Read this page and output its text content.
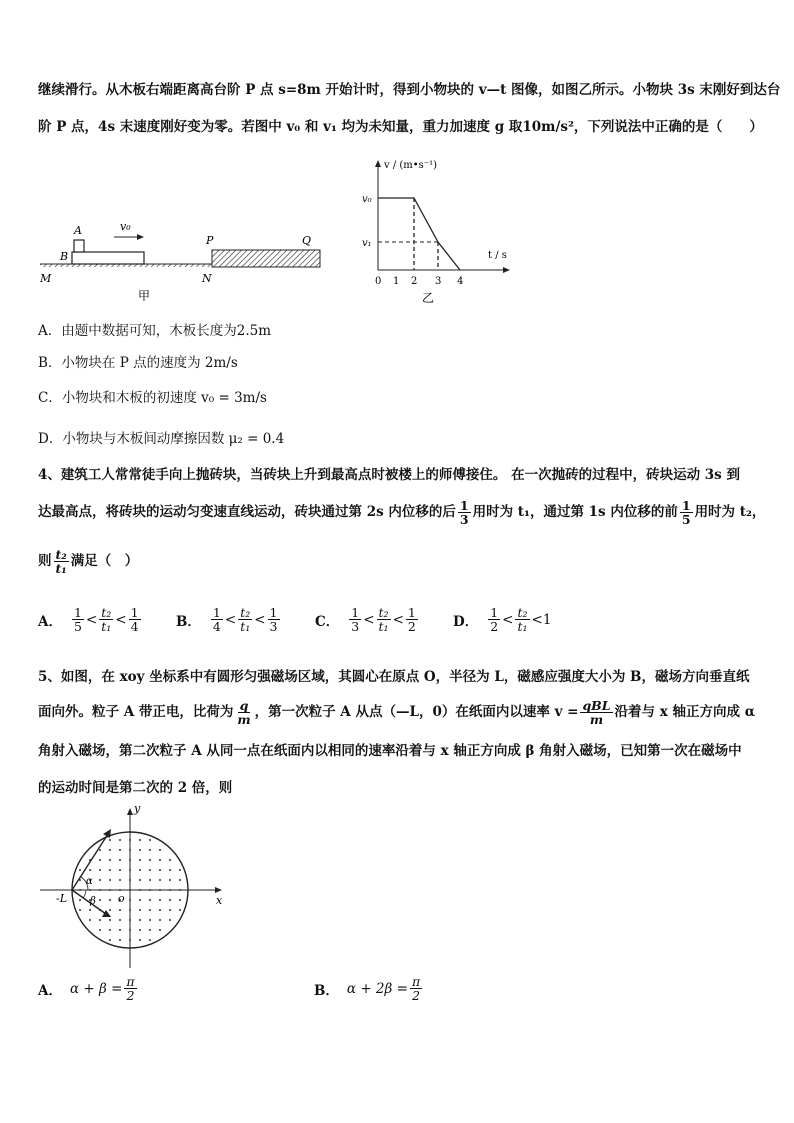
继续滑行。从木板右端距离高台阶 P 点 s=8m 开始计时，得到小物块的 v—t 图像，如图乙所示。小物块 3s 末刚好到达台
阶 P 点，4s 末速度刚好变为零。若图中 v₀ 和 v₁ 均为未知量，重力加速度 g 取10m/s²，下列说法中正确的是（　　）
A
B
v₀
P	Q
M	N
甲
v / (m•s⁻¹)
t / s
v₀
v₁
0 1 2 3 4
乙
A．由题中数据可知，木板长度为2.5m
B．小物块在 P 点的速度为 2m/s
C．小物块和木板的初速度 v₀ = 3m/s
D．小物块与木板间动摩擦因数 μ₂ = 0.4
4、建筑工人常常徒手向上抛砖块，当砖块上升到最高点时被楼上的师傅接住。 在一次抛砖的过程中，砖块运动 3s 到
达最高点，将砖块的运动匀变速直线运动，砖块通过第 2s 内位移的后 $\frac{1}{3}$ 用时为 t₁，通过第 1s 内位移的前 $\frac{1}{5}$ 用时为 t₂，
则 $\frac{\text{t₂}}{\text{t₁}}$ 满足（　）
A． $\frac{1}{5} < \frac{\text{t₂}}{\text{t₁}} < \frac{1}{4}$	B． $\frac{1}{4} < \frac{\text{t₂}}{\text{t₁}} < \frac{1}{3}$	C． $\frac{1}{3} < \frac{\text{t₂}}{\text{t₁}} < \frac{1}{2}$	D． $\frac{1}{2} < \frac{\text{t₂}}{\text{t₁}} < 1$
5、如图，在 xoy 坐标系中有圆形匀强磁场区域，其圆心在原点 O，半径为 L，磁感应强度大小为 B，磁场方向垂直纸
面向外。粒子 A 带正电，比荷为 $\frac{q}{m}$ ，第一次粒子 A 从点（—L，0）在纸面内以速率 $v = \frac{\text{qBL}}{m}$ 沿着与 x 轴正方向成 α
角射入磁场，第二次粒子 A 从同一点在纸面内以相同的速率沿着与 x 轴正方向成 β 角射入磁场，已知第一次在磁场中
的运动时间是第二次的 2 倍，则
α
β
-L	o	x
y
A． $\alpha + \beta = \frac{\pi}{2}$	B． $\alpha + 2\beta = \frac{\pi}{2}$
